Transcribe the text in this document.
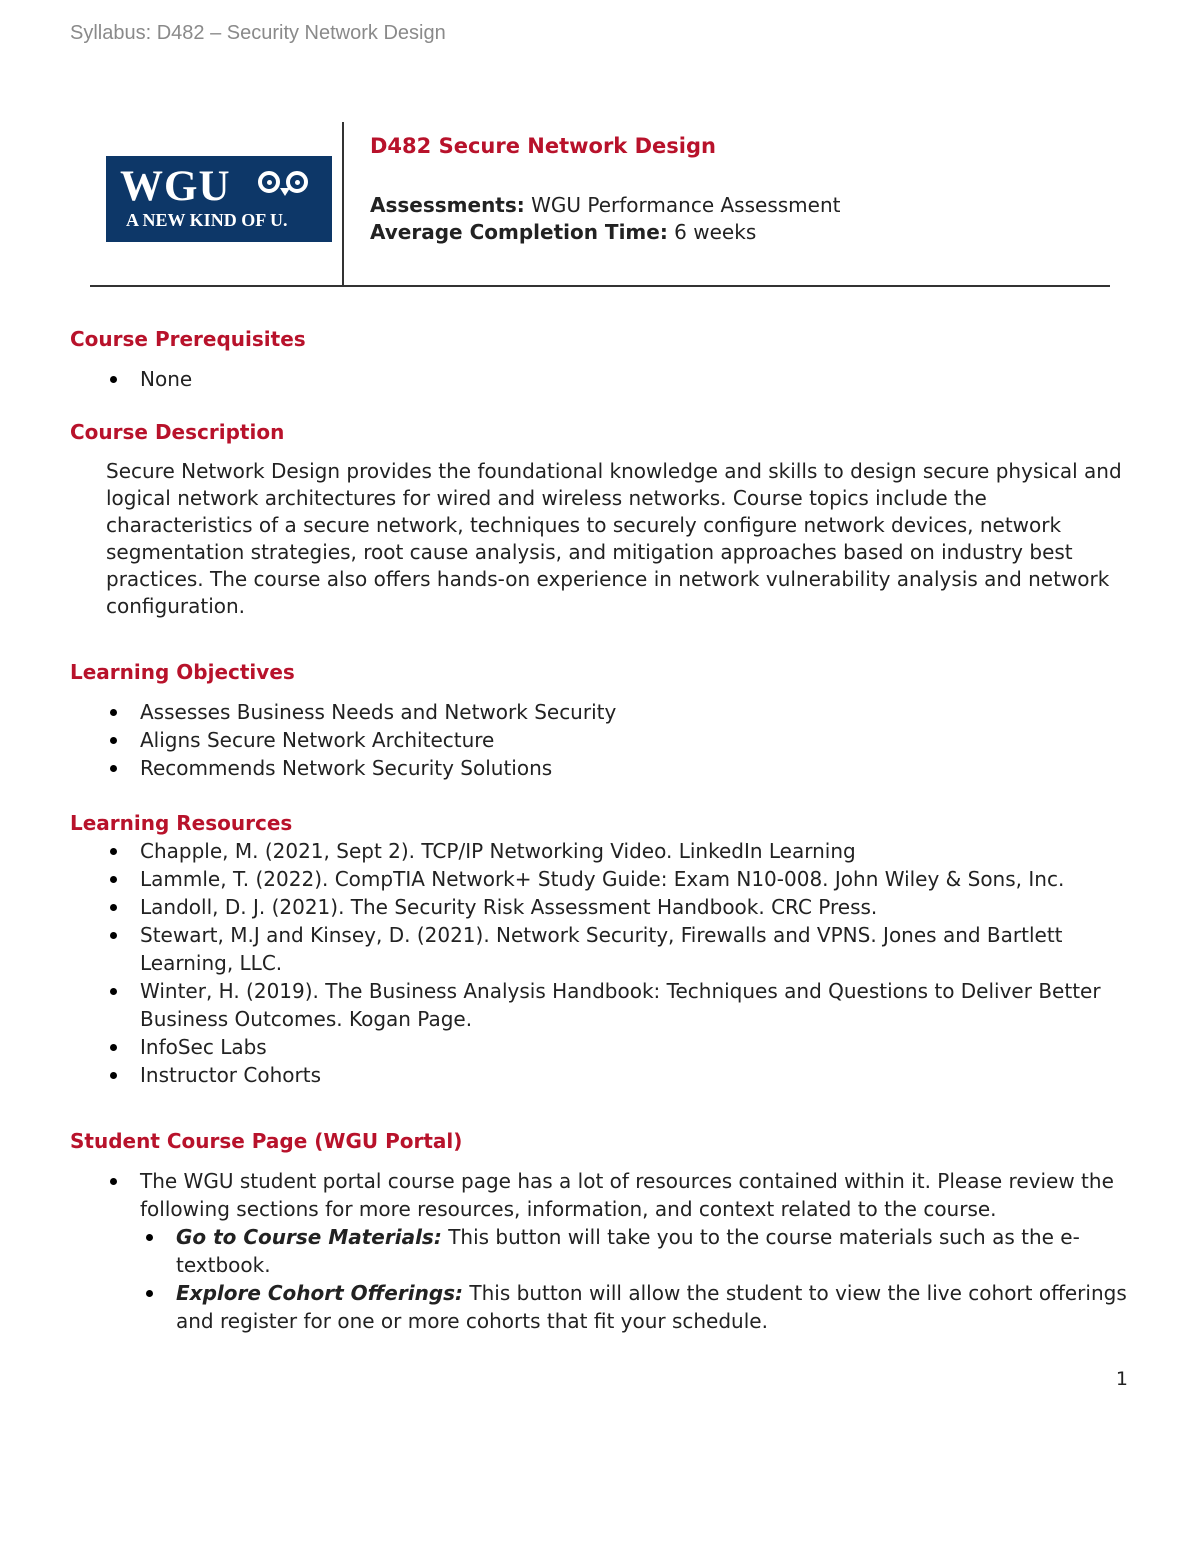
Syllabus: D482 – Security Network Design
WGU
A NEW KIND OF U.
D482 Secure Network Design
Assessments: WGU Performance Assessment
Average Completion Time: 6 weeks
Course Prerequisites
None
Course Description

Secure Network Design provides the foundational knowledge and skills to design secure physical and logical network architectures for wired and wireless networks. Course topics include the characteristics of a secure network, techniques to securely configure network devices, network segmentation strategies, root cause analysis, and mitigation approaches based on industry best practices. The course also offers hands-on experience in network vulnerability analysis and network configuration.

Learning Objectives
Assesses Business Needs and Network Security
Aligns Secure Network Architecture
Recommends Network Security Solutions
Learning Resources
Chapple, M. (2021, Sept 2). TCP/IP Networking Video. LinkedIn Learning
Lammle, T. (2022). CompTIA Network+ Study Guide: Exam N10-008. John Wiley & Sons, Inc.
Landoll, D. J. (2021). The Security Risk Assessment Handbook. CRC Press.
Stewart, M.J and Kinsey, D. (2021). Network Security, Firewalls and VPNS. Jones and Bartlett Learning, LLC.
Winter, H. (2019). The Business Analysis Handbook: Techniques and Questions to Deliver Better Business Outcomes. Kogan Page.
InfoSec Labs
Instructor Cohorts
Student Course Page (WGU Portal)
The WGU student portal course page has a lot of resources contained within it. Please review the following sections for more resources, information, and context related to the course.
Go to Course Materials: This button will take you to the course materials such as the e-textbook.
Explore Cohort Offerings: This button will allow the student to view the live cohort offerings and register for one or more cohorts that fit your schedule.
1
